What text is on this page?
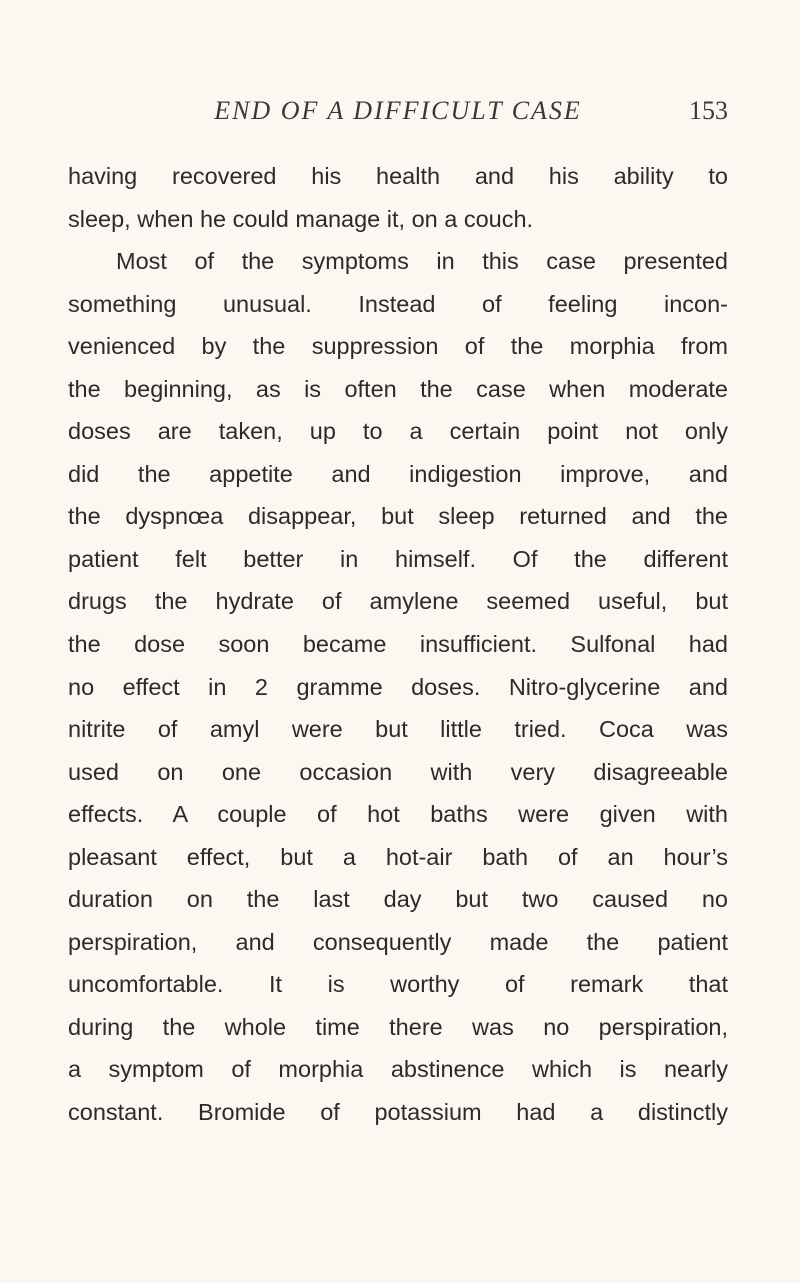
END OF A DIFFICULT CASE	153
having recovered his health and his ability to
sleep, when he could manage it, on a couch.
Most of the symptoms in this case presented
something unusual. Instead of feeling incon-
venienced by the suppression of the morphia from
the beginning, as is often the case when moderate
doses are taken, up to a certain point not only
did the appetite and indigestion improve, and
the dyspnœa disappear, but sleep returned and the
patient felt better in himself. Of the different
drugs the hydrate of amylene seemed useful, but
the dose soon became insufficient. Sulfonal had
no effect in 2 gramme doses. Nitro-glycerine and
nitrite of amyl were but little tried. Coca was
used on one occasion with very disagreeable
effects. A couple of hot baths were given with
pleasant effect, but a hot-air bath of an hour’s
duration on the last day but two caused no
perspiration, and consequently made the patient
uncomfortable. It is worthy of remark that
during the whole time there was no perspiration,
a symptom of morphia abstinence which is nearly
constant. Bromide of potassium had a distinctly
